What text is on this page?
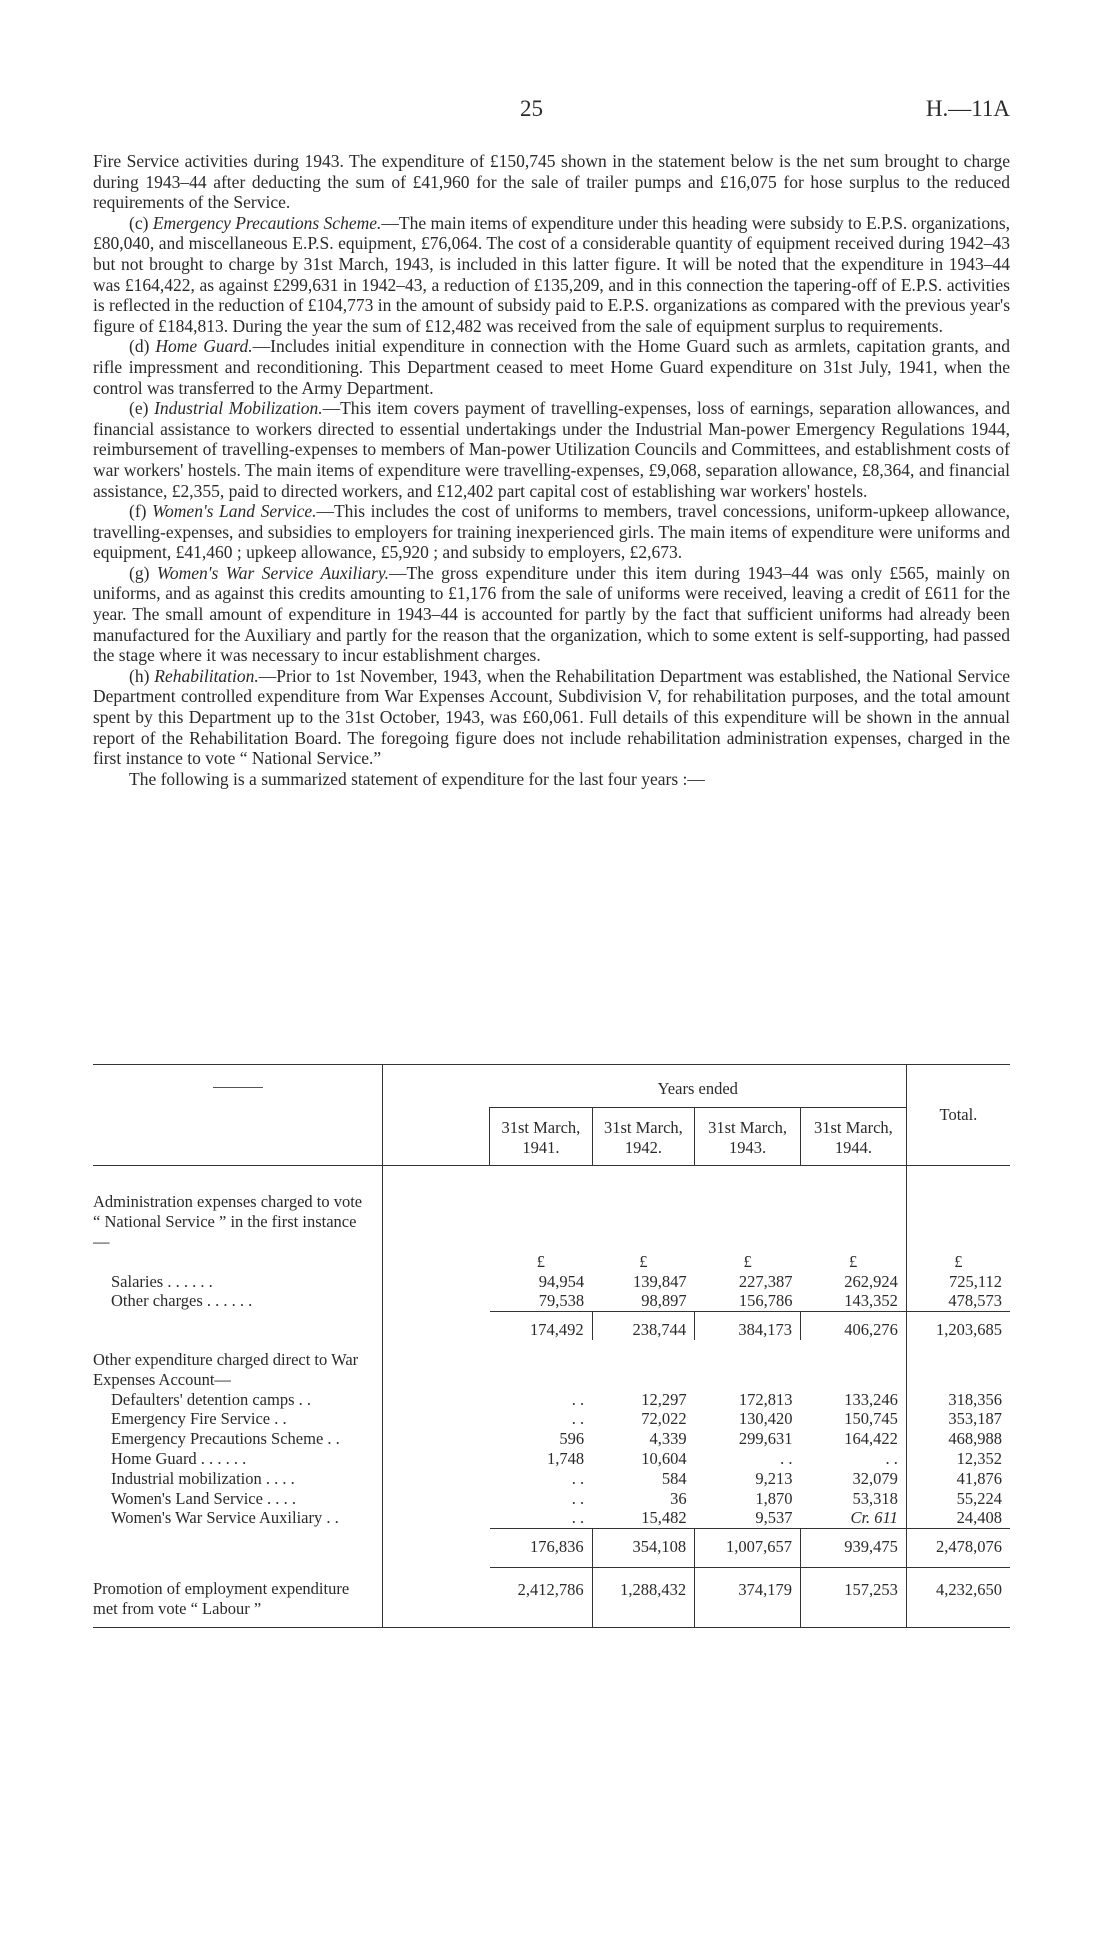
25	H.—11A

Fire Service activities during 1943. The expenditure of £150,745 shown in the statement below is the net sum brought to charge during 1943–44 after deducting the sum of £41,960 for the sale of trailer pumps and £16,075 for hose surplus to the reduced requirements of the Service.

(c) Emergency Precautions Scheme.—The main items of expenditure under this heading were subsidy to E.P.S. organizations, £80,040, and miscellaneous E.P.S. equipment, £76,064. The cost of a considerable quantity of equipment received during 1942–43 but not brought to charge by 31st March, 1943, is included in this latter figure. It will be noted that the expenditure in 1943–44 was £164,422, as against £299,631 in 1942–43, a reduction of £135,209, and in this connection the tapering-off of E.P.S. activities is reflected in the reduction of £104,773 in the amount of subsidy paid to E.P.S. organizations as compared with the previous year's figure of £184,813. During the year the sum of £12,482 was received from the sale of equipment surplus to requirements.

(d) Home Guard.—Includes initial expenditure in connection with the Home Guard such as armlets, capitation grants, and rifle impressment and reconditioning. This Department ceased to meet Home Guard expenditure on 31st July, 1941, when the control was transferred to the Army Department.

(e) Industrial Mobilization.—This item covers payment of travelling-expenses, loss of earnings, separation allowances, and financial assistance to workers directed to essential undertakings under the Industrial Man-power Emergency Regulations 1944, reimbursement of travelling-expenses to members of Man-power Utilization Councils and Committees, and establishment costs of war workers' hostels. The main items of expenditure were travelling-expenses, £9,068, separation allowance, £8,364, and financial assistance, £2,355, paid to directed workers, and £12,402 part capital cost of establishing war workers' hostels.

(f) Women's Land Service.—This includes the cost of uniforms to members, travel concessions, uniform-upkeep allowance, travelling-expenses, and subsidies to employers for training inexperienced girls. The main items of expenditure were uniforms and equipment, £41,460 ; upkeep allowance, £5,920 ; and subsidy to employers, £2,673.

(g) Women's War Service Auxiliary.—The gross expenditure under this item during 1943–44 was only £565, mainly on uniforms, and as against this credits amounting to £1,176 from the sale of uniforms were received, leaving a credit of £611 for the year. The small amount of expenditure in 1943–44 is accounted for partly by the fact that sufficient uniforms had already been manufactured for the Auxiliary and partly for the reason that the organization, which to some extent is self-supporting, had passed the stage where it was necessary to incur establishment charges.

(h) Rehabilitation.—Prior to 1st November, 1943, when the Rehabilitation Department was established, the National Service Department controlled expenditure from War Expenses Account, Subdivision V, for rehabilitation purposes, and the total amount spent by this Department up to the 31st October, 1943, was £60,061. Full details of this expenditure will be shown in the annual report of the Rehabilitation Board. The foregoing figure does not include rehabilitation administration expenses, charged in the first instance to vote “ National Service.”

The following is a summarized statement of expenditure for the last four years :—

		Years ended				Total.
		31st March, 1941.	31st March, 1942.	31st March, 1943.	31st March, 1944.	
Administration expenses charged to vote “ National Service ” in the first instance—						
		£	£	£	£	£
Salaries . . . . . .		94,954	139,847	227,387	262,924	725,112
Other charges . . . . . .		79,538	98,897	156,786	143,352	478,573
		174,492	238,744	384,173	406,276	1,203,685
Other expenditure charged direct to War Expenses Account—						
Defaulters' detention camps . .		. .	12,297	172,813	133,246	318,356
Emergency Fire Service . .		. .	72,022	130,420	150,745	353,187
Emergency Precautions Scheme . .		596	4,339	299,631	164,422	468,988
Home Guard . . . . . .		1,748	10,604	. .	. .	12,352
Industrial mobilization . . . .		. .	584	9,213	32,079	41,876
Women's Land Service . . . .		. .	36	1,870	53,318	55,224
Women's War Service Auxiliary . .		. .	15,482	9,537	Cr. 611	24,408
		176,836	354,108	1,007,657	939,475	2,478,076
Promotion of employment expenditure met from vote “ Labour ”		2,412,786	1,288,432	374,179	157,253	4,232,650
